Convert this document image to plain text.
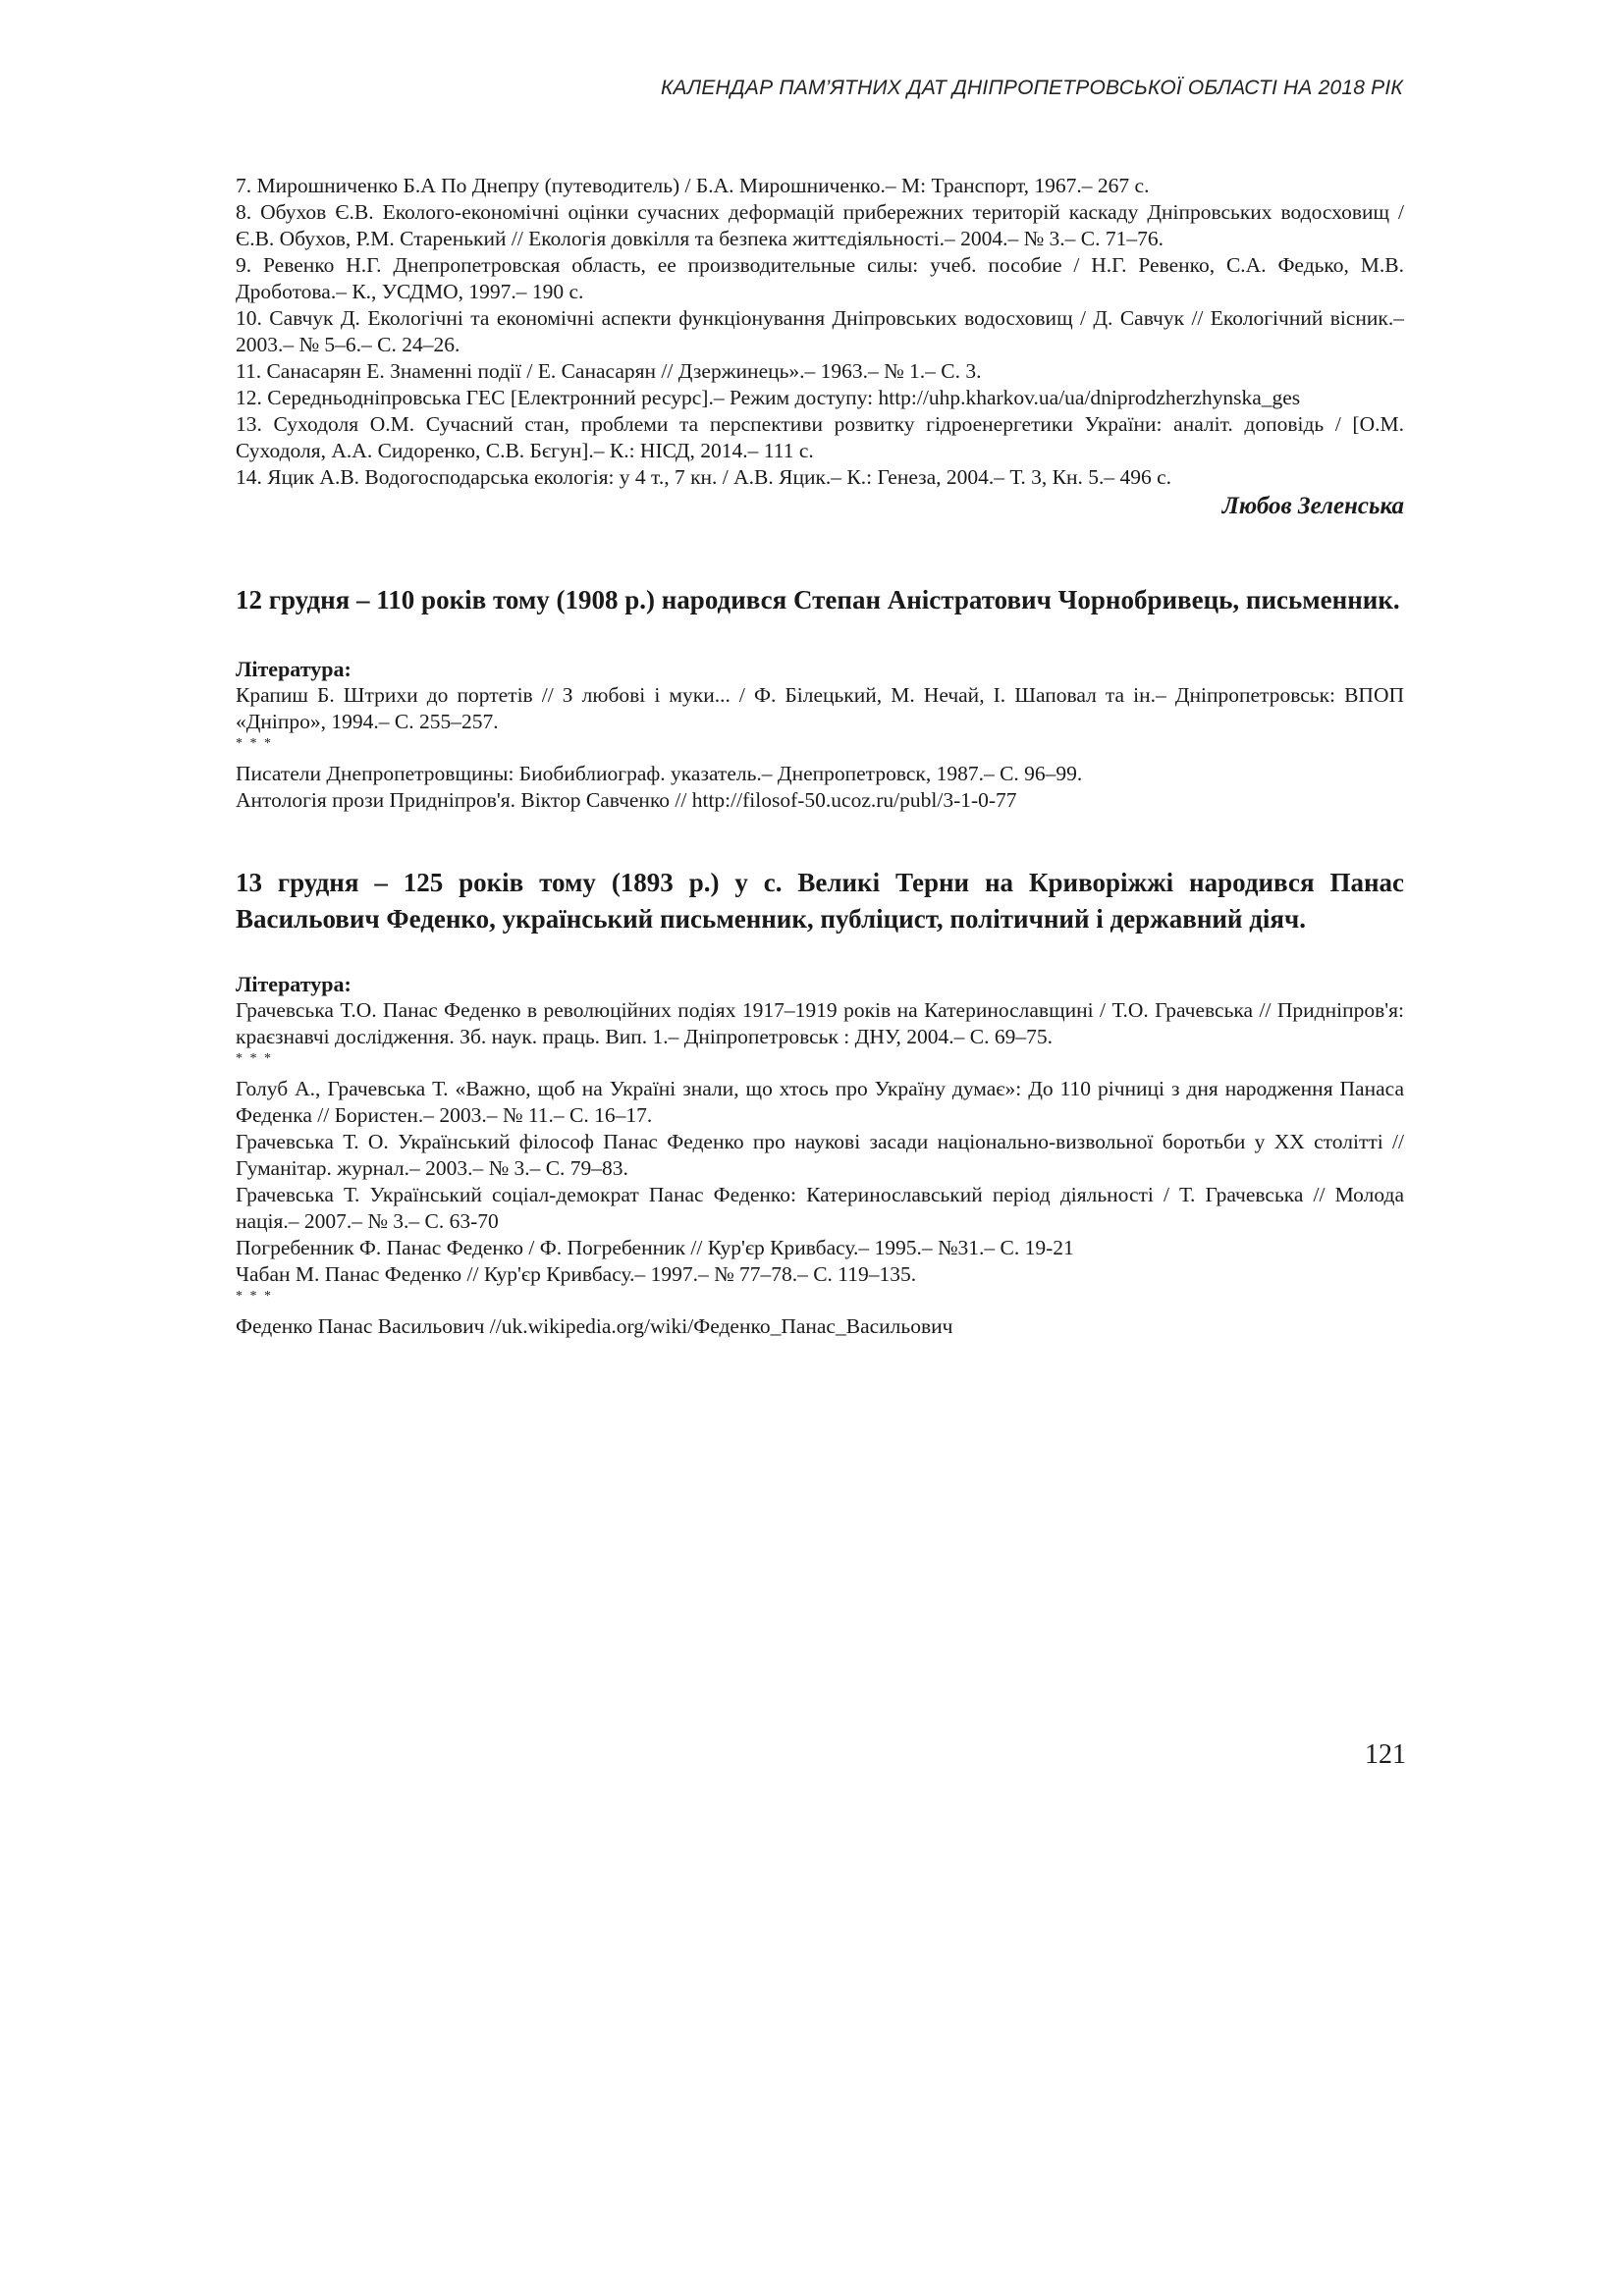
КАЛЕНДАР ПАМ’ЯТНИХ ДАТ ДНІПРОПЕТРОВСЬКОЇ ОБЛАСТІ НА 2018 РІК

7. Мирошниченко Б.А По Днепру (путеводитель) / Б.А. Мирошниченко.– М: Транспорт, 1967.– 267 с.

8. Обухов Є.В. Еколого-економічні оцінки сучасних деформацій прибережних територій каскаду Дніпровських водосховищ / Є.В. Обухов, Р.М. Старенький // Екологія довкілля та безпека життєдіяльності.– 2004.– № 3.– С. 71–76.

9. Ревенко Н.Г. Днепропетровская область, ее производительные силы: учеб. пособие / Н.Г. Ревенко, С.А. Федько, М.В. Дроботова.– К., УСДМО, 1997.– 190 с.

10. Савчук Д. Екологічні та економічні аспекти функціонування Дніпровських водосховищ / Д. Савчук // Екологічний вісник.– 2003.– № 5–6.– С. 24–26.

11. Санасарян Е. Знаменні події / Е. Санасарян // Дзержинець».– 1963.– № 1.– С. 3.

12. Середньодніпровська ГЕС [Електронний ресурс].– Режим доступу: http://uhp.kharkov.ua/ua/dniprodzherzhynska_ges

13. Суходоля О.М. Сучасний стан, проблеми та перспективи розвитку гідроенергетики України: аналіт. доповідь / [О.М. Суходоля, А.А. Сидоренко, С.В. Бєгун].– К.: НІСД, 2014.– 111 с.

14. Яцик А.В. Водогосподарська екологія: у 4 т., 7 кн. / А.В. Яцик.– К.: Генеза, 2004.– Т. 3, Кн. 5.– 496 с.

Любов Зеленська

12 грудня – 110 років тому (1908 р.) народився Степан Аністратович Чорнобривець, письменник.

Література:

Крапиш Б. Штрихи до портетів // З любові і муки... / Ф. Білецький, М. Нечай, І. Шаповал та ін.– Дніпропетровськ: ВПОП «Дніпро», 1994.– С. 255–257.

* * *

Писатели Днепропетровщины: Биобиблиограф. указатель.– Днепропетровск, 1987.– С. 96–99.

Антологія прози Придніпров'я. Віктор Савченко // http://filosof-50.ucoz.ru/publ/3-1-0-77

13 грудня – 125 років тому (1893 р.) у с. Великі Терни на Криворіжжі народився Панас Васильович Феденко, український письменник, публіцист, політичний і державний діяч.

Література:

Грачевська Т.О. Панас Феденко в революційних подіях 1917–1919 років на Катеринославщині / Т.О. Грачевська // Придніпров'я: краєзнавчі дослідження. Зб. наук. праць. Вип. 1.– Дніпропетровськ : ДНУ, 2004.– С. 69–75.

* * *

Голуб А., Грачевська Т. «Важно, щоб на Україні знали, що хтось про Україну думає»: До 110 річниці з дня народження Панаса Феденка // Бористен.– 2003.– № 11.– С. 16–17.

Грачевська Т. О. Український філософ Панас Феденко про наукові засади національно-визвольної боротьби у ХХ столітті // Гуманітар. журнал.– 2003.– № 3.– С. 79–83.

Грачевська Т. Український соціал-демократ Панас Феденко: Катеринославський період діяльності / Т. Грачевська // Молода нація.– 2007.– № 3.– С. 63-70

Погребенник Ф. Панас Феденко / Ф. Погребенник // Кур'єр Кривбасу.– 1995.– №31.– С. 19-21

Чабан М. Панас Феденко // Кур'єр Кривбасу.– 1997.– № 77–78.– С. 119–135.

* * *

Феденко Панас Васильович //uk.wikipedia.org/wiki/Феденко_Панас_Васильович

121
